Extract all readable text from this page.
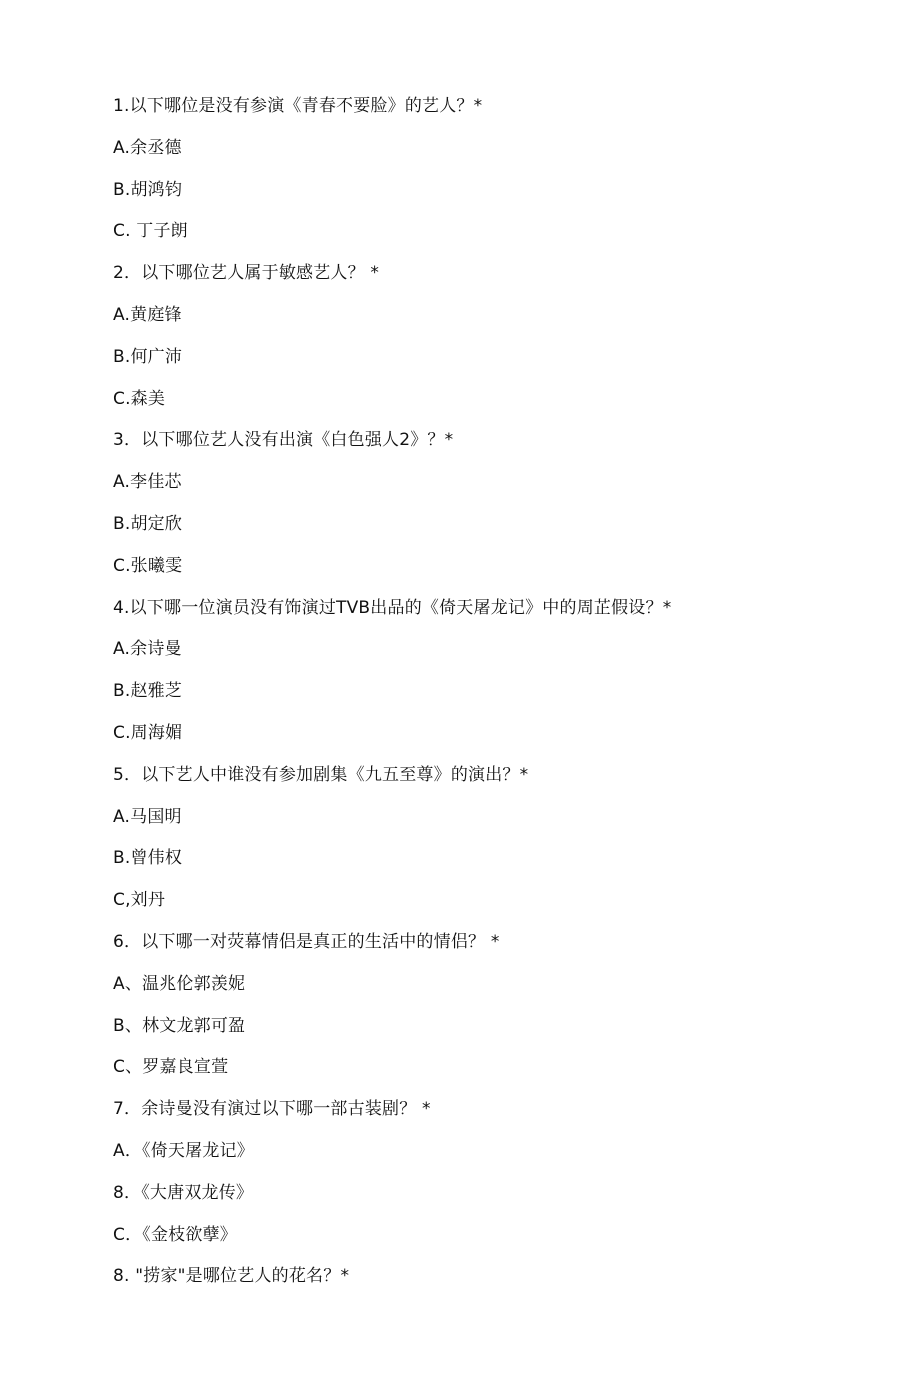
1.以下哪位是没有参演《青春不要脸》的艺人？*
A.余丞德
B.胡鸿钧
C. 丁子朗
2．以下哪位艺人属于敏感艺人？ *
A.黄庭锋
B.何广沛
C.森美
3．以下哪位艺人没有出演《白色强人2》？*
A.李佳芯
B.胡定欣
C.张曦雯
4.以下哪一位演员没有饰演过TVB出品的《倚天屠龙记》中的周芷假设？*
A.余诗曼
B.赵雅芝
C.周海媚
5．以下艺人中谁没有参加剧集《九五至尊》的演出？*
A.马国明
B.曾伟权
C,刘丹
6．以下哪一对荧幕情侣是真正的生活中的情侣？ *
A、温兆伦郭羡妮
B、林文龙郭可盈
C、罗嘉良宣萱
7．余诗曼没有演过以下哪一部古装剧？ *
A．《倚天屠龙记》
8．《大唐双龙传》
C．《金枝欲孽》
8. "捞家"是哪位艺人的花名？*
